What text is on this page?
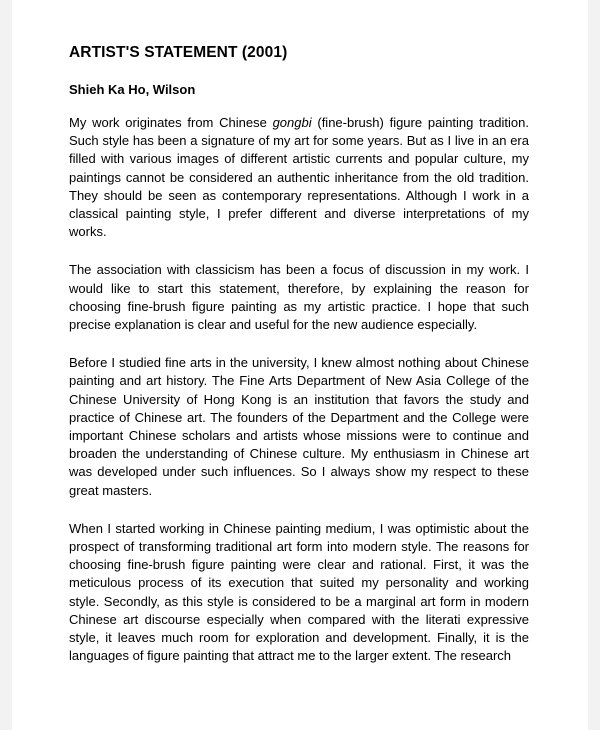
ARTIST'S STATEMENT (2001)

Shieh Ka Ho, Wilson

My work originates from Chinese gongbi (fine-brush) figure painting tradition. Such style has been a signature of my art for some years. But as I live in an era filled with various images of different artistic currents and popular culture, my paintings cannot be considered an authentic inheritance from the old tradition. They should be seen as contemporary representations. Although I work in a classical painting style, I prefer different and diverse interpretations of my works.

The association with classicism has been a focus of discussion in my work. I would like to start this statement, therefore, by explaining the reason for choosing fine-brush figure painting as my artistic practice. I hope that such precise explanation is clear and useful for the new audience especially.

Before I studied fine arts in the university, I knew almost nothing about Chinese painting and art history. The Fine Arts Department of New Asia College of the Chinese University of Hong Kong is an institution that favors the study and practice of Chinese art. The founders of the Department and the College were important Chinese scholars and artists whose missions were to continue and broaden the understanding of Chinese culture. My enthusiasm in Chinese art was developed under such influences. So I always show my respect to these great masters.

When I started working in Chinese painting medium, I was optimistic about the prospect of transforming traditional art form into modern style. The reasons for choosing fine-brush figure painting were clear and rational. First, it was the meticulous process of its execution that suited my personality and working style. Secondly, as this style is considered to be a marginal art form in modern Chinese art discourse especially when compared with the literati expressive style, it leaves much room for exploration and development. Finally, it is the languages of figure painting that attract me to the larger extent. The research
